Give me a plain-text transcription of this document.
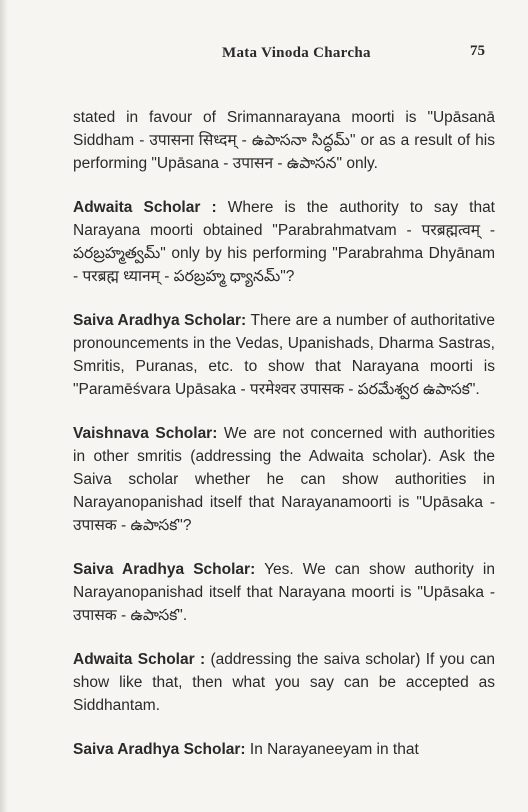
Mata Vinoda Charcha	75

stated in favour of Srimannarayana moorti is "Upāsanā Siddham - उपासना सिध्दम् - ఉపాసనా సిద్ధమ్" or as a result of his performing "Upāsana - उपासन - ఉపాసన" only.

Adwaita Scholar : Where is the authority to say that Narayana moorti obtained "Parabrahmatvam - परब्रह्मत्वम् - పరబ్రహ్మత్వమ్" only by his performing "Parabrahma Dhyānam - परब्रह्म ध्यानम् - పరబ్రహ్మ ధ్యానమ్"?

Saiva Aradhya Scholar: There are a number of authoritative pronouncements in the Vedas, Upanishads, Dharma Sastras, Smritis, Puranas, etc. to show that Narayana moorti is "Paramēśvara Upāsaka - परमेश्वर उपासक - పరమేశ్వర ఉపాసక".

Vaishnava Scholar: We are not concerned with authorities in other smritis (addressing the Adwaita scholar). Ask the Saiva scholar whether he can show authorities in Narayanopanishad itself that Narayanamoorti is "Upāsaka - उपासक - ఉపాసక"?

Saiva Aradhya Scholar: Yes. We can show authority in Narayanopanishad itself that Narayana moorti is "Upāsaka - उपासक - ఉపాసక".

Adwaita Scholar : (addressing the saiva scholar) If you can show like that, then what you say can be accepted as Siddhantam.

Saiva Aradhya Scholar: In Narayaneeyam in that
